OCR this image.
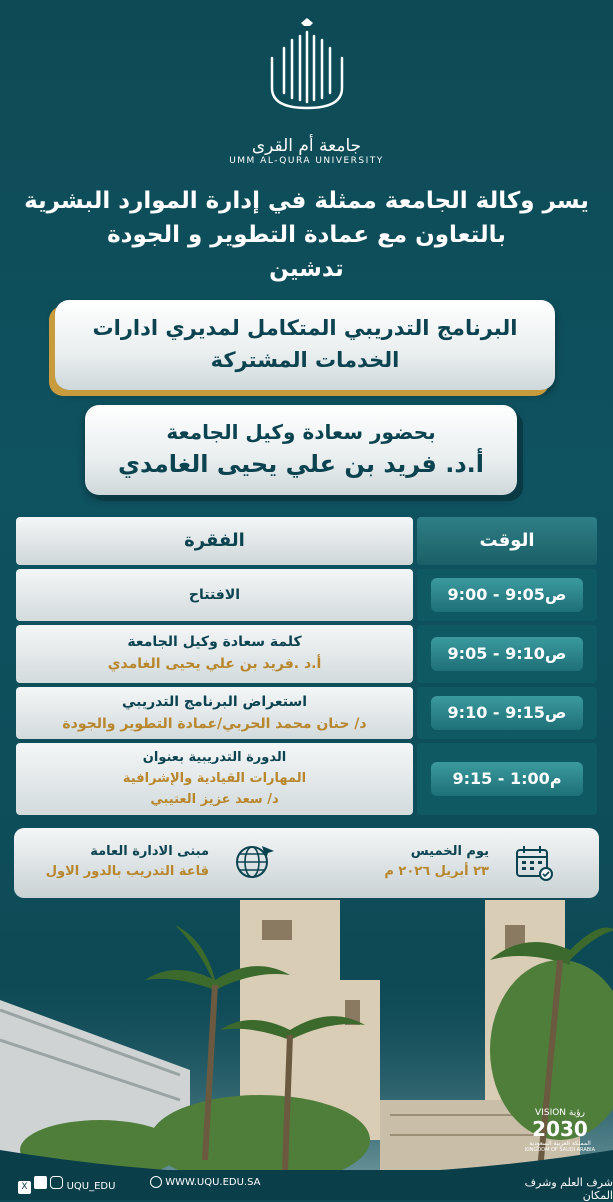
جامعة أم القرى
UMM AL-QURA UNIVERSITY
يسر وكالة الجامعة ممثلة في إدارة الموارد البشرية
بالتعاون مع عمادة التطوير و الجودة
تدشين
البرنامج التدريبي المتكامل لمديري ادارات
الخدمات المشتركة
بحضور سعادة وكيل الجامعة
أ.د. فريد بن علي يحيى الغامدي
الفقرة	الوقت
الافتتاح	9:00 - 9:05ص
كلمة سعادة وكيل الجامعة
أ.د .فريد بن علي يحيى الغامدي
9:05 - 9:10ص
استعراض البرنامج التدريبي
د/ حنان محمد الحربي/عمادة التطوير والجودة
9:10 - 9:15ص
الدورة التدريبية بعنوان
المهارات القيادية والإشرافية
د/ سعد عزيز العتيبي
9:15 - 1:00م
يوم الخميس
٢٣ أبريل ٢٠٢٦ م
مبنى الادارة العامة
قاعة التدريب بالدور الاول
X	UQU_EDU	WWW.UQU.EDU.SA	شرف العلم وشرف المكان
VISION رؤية
2030
المملكة العربية السعودية
KINGDOM OF SAUDI ARABIA
